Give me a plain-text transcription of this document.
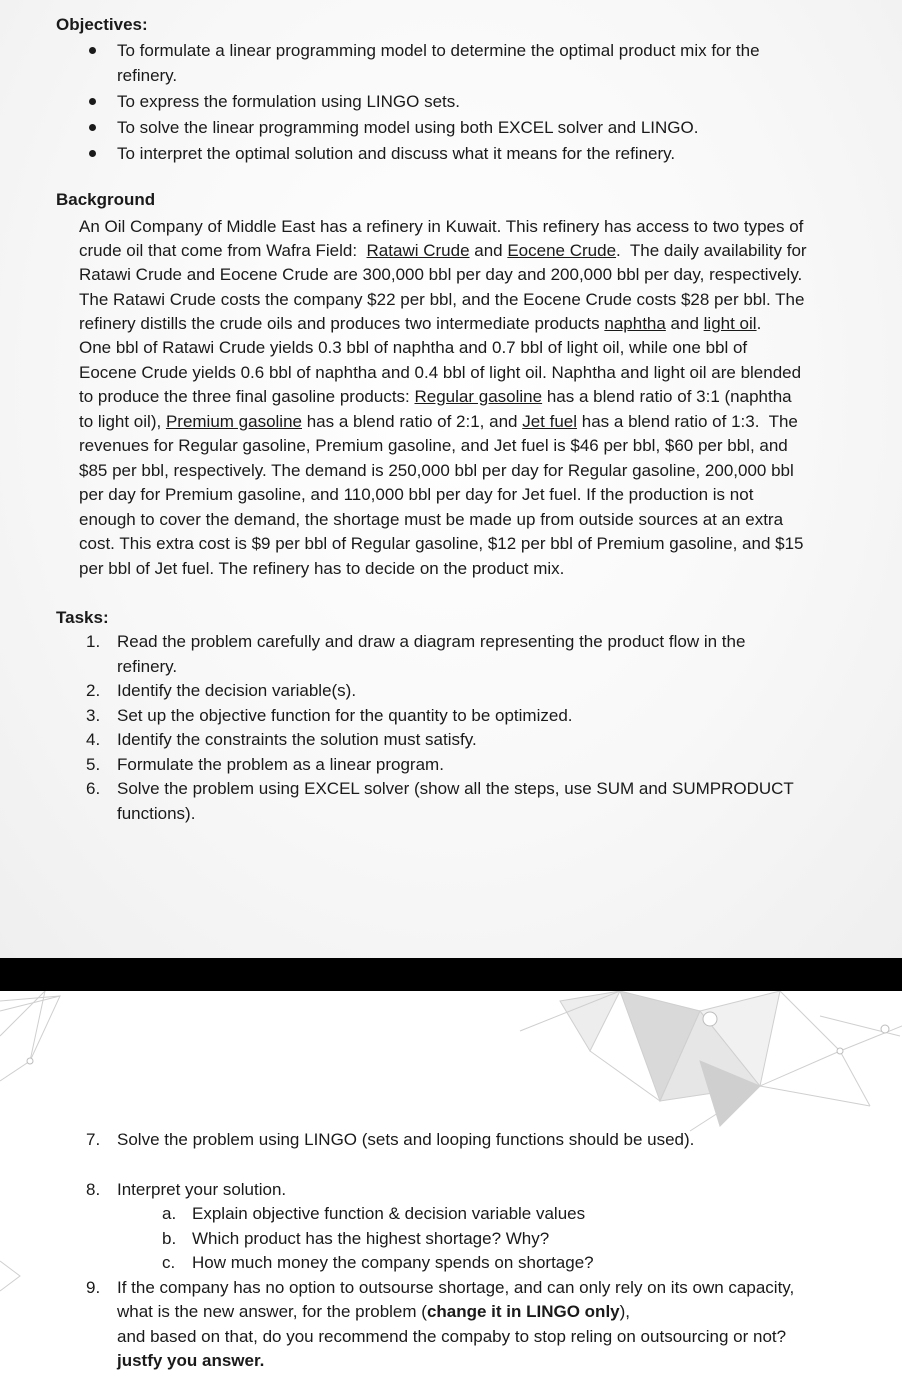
Objectives:

To formulate a linear programming model to determine the optimal product mix for the
refinery.
To express the formulation using LINGO sets.
To solve the linear programming model using both EXCEL solver and LINGO.
To interpret the optimal solution and discuss what it means for the refinery.

Background

An Oil Company of Middle East has a refinery in Kuwait. This refinery has access to two types of
crude oil that come from Wafra Field:  Ratawi Crude and Eocene Crude.  The daily availability for
Ratawi Crude and Eocene Crude are 300,000 bbl per day and 200,000 bbl per day, respectively.
The Ratawi Crude costs the company $22 per bbl, and the Eocene Crude costs $28 per bbl. The
refinery distills the crude oils and produces two intermediate products naphtha and light oil.
One bbl of Ratawi Crude yields 0.3 bbl of naphtha and 0.7 bbl of light oil, while one bbl of
Eocene Crude yields 0.6 bbl of naphtha and 0.4 bbl of light oil. Naphtha and light oil are blended
to produce the three final gasoline products: Regular gasoline has a blend ratio of 3:1 (naphtha
to light oil), Premium gasoline has a blend ratio of 2:1, and Jet fuel has a blend ratio of 1:3.  The
revenues for Regular gasoline, Premium gasoline, and Jet fuel is $46 per bbl, $60 per bbl, and
$85 per bbl, respectively. The demand is 250,000 bbl per day for Regular gasoline, 200,000 bbl
per day for Premium gasoline, and 110,000 bbl per day for Jet fuel. If the production is not
enough to cover the demand, the shortage must be made up from outside sources at an extra
cost. This extra cost is $9 per bbl of Regular gasoline, $12 per bbl of Premium gasoline, and $15
per bbl of Jet fuel. The refinery has to decide on the product mix.

Tasks:

1. Read the problem carefully and draw a diagram representing the product flow in the
refinery.
2. Identify the decision variable(s).
3. Set up the objective function for the quantity to be optimized.
4. Identify the constraints the solution must satisfy.
5. Formulate the problem as a linear program.
6. Solve the problem using EXCEL solver (show all the steps, use SUM and SUMPRODUCT
functions).
7. Solve the problem using LINGO (sets and looping functions should be used).
8. Interpret your solution.
a. Explain objective function & decision variable values
b. Which product has the highest shortage? Why?
c. How much money the company spends on shortage?
9. If the company has no option to outsourse shortage, and can only rely on its own capacity,
what is the new answer, for the problem (change it in LINGO only),
and based on that, do you recommend the compaby to stop reling on outsourcing or not?
justfy you answer.
